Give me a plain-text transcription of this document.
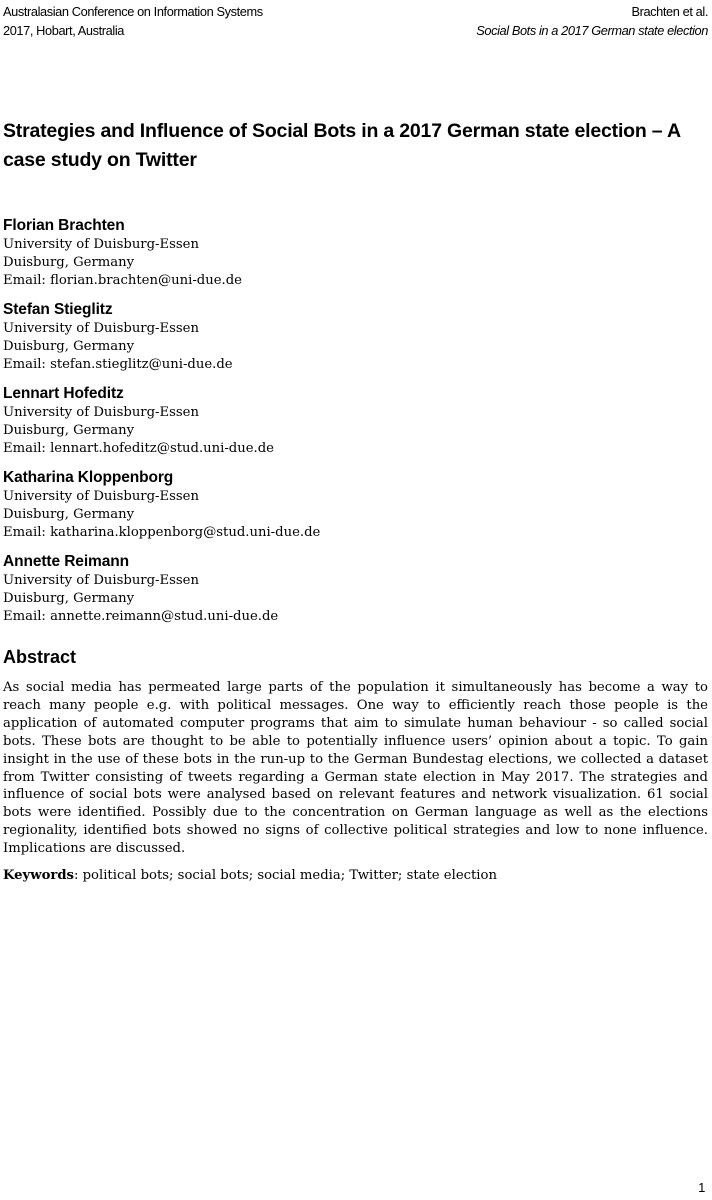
Australasian Conference on Information Systems
2017, Hobart, Australia
Brachten et al.
Social Bots in a 2017 German state election
Strategies and Influence of Social Bots in a 2017 German state election – A case study on Twitter
Florian Brachten
University of Duisburg-Essen
Duisburg, Germany
Email: florian.brachten@uni-due.de
Stefan Stieglitz
University of Duisburg-Essen
Duisburg, Germany
Email: stefan.stieglitz@uni-due.de
Lennart Hofeditz
University of Duisburg-Essen
Duisburg, Germany
Email: lennart.hofeditz@stud.uni-due.de
Katharina Kloppenborg
University of Duisburg-Essen
Duisburg, Germany
Email: katharina.kloppenborg@stud.uni-due.de
Annette Reimann
University of Duisburg-Essen
Duisburg, Germany
Email: annette.reimann@stud.uni-due.de
Abstract

As social media has permeated large parts of the population it simultaneously has become a way to reach many people e.g. with political messages. One way to efficiently reach those people is the application of automated computer programs that aim to simulate human behaviour - so called social bots. These bots are thought to be able to potentially influence users’ opinion about a topic. To gain insight in the use of these bots in the run-up to the German Bundestag elections, we collected a dataset from Twitter consisting of tweets regarding a German state election in May 2017. The strategies and influence of social bots were analysed based on relevant features and network visualization. 61 social bots were identified. Possibly due to the concentration on German language as well as the elections regionality, identified bots showed no signs of collective political strategies and low to none influence. Implications are discussed.

Keywords: political bots; social bots; social media; Twitter; state election

1
